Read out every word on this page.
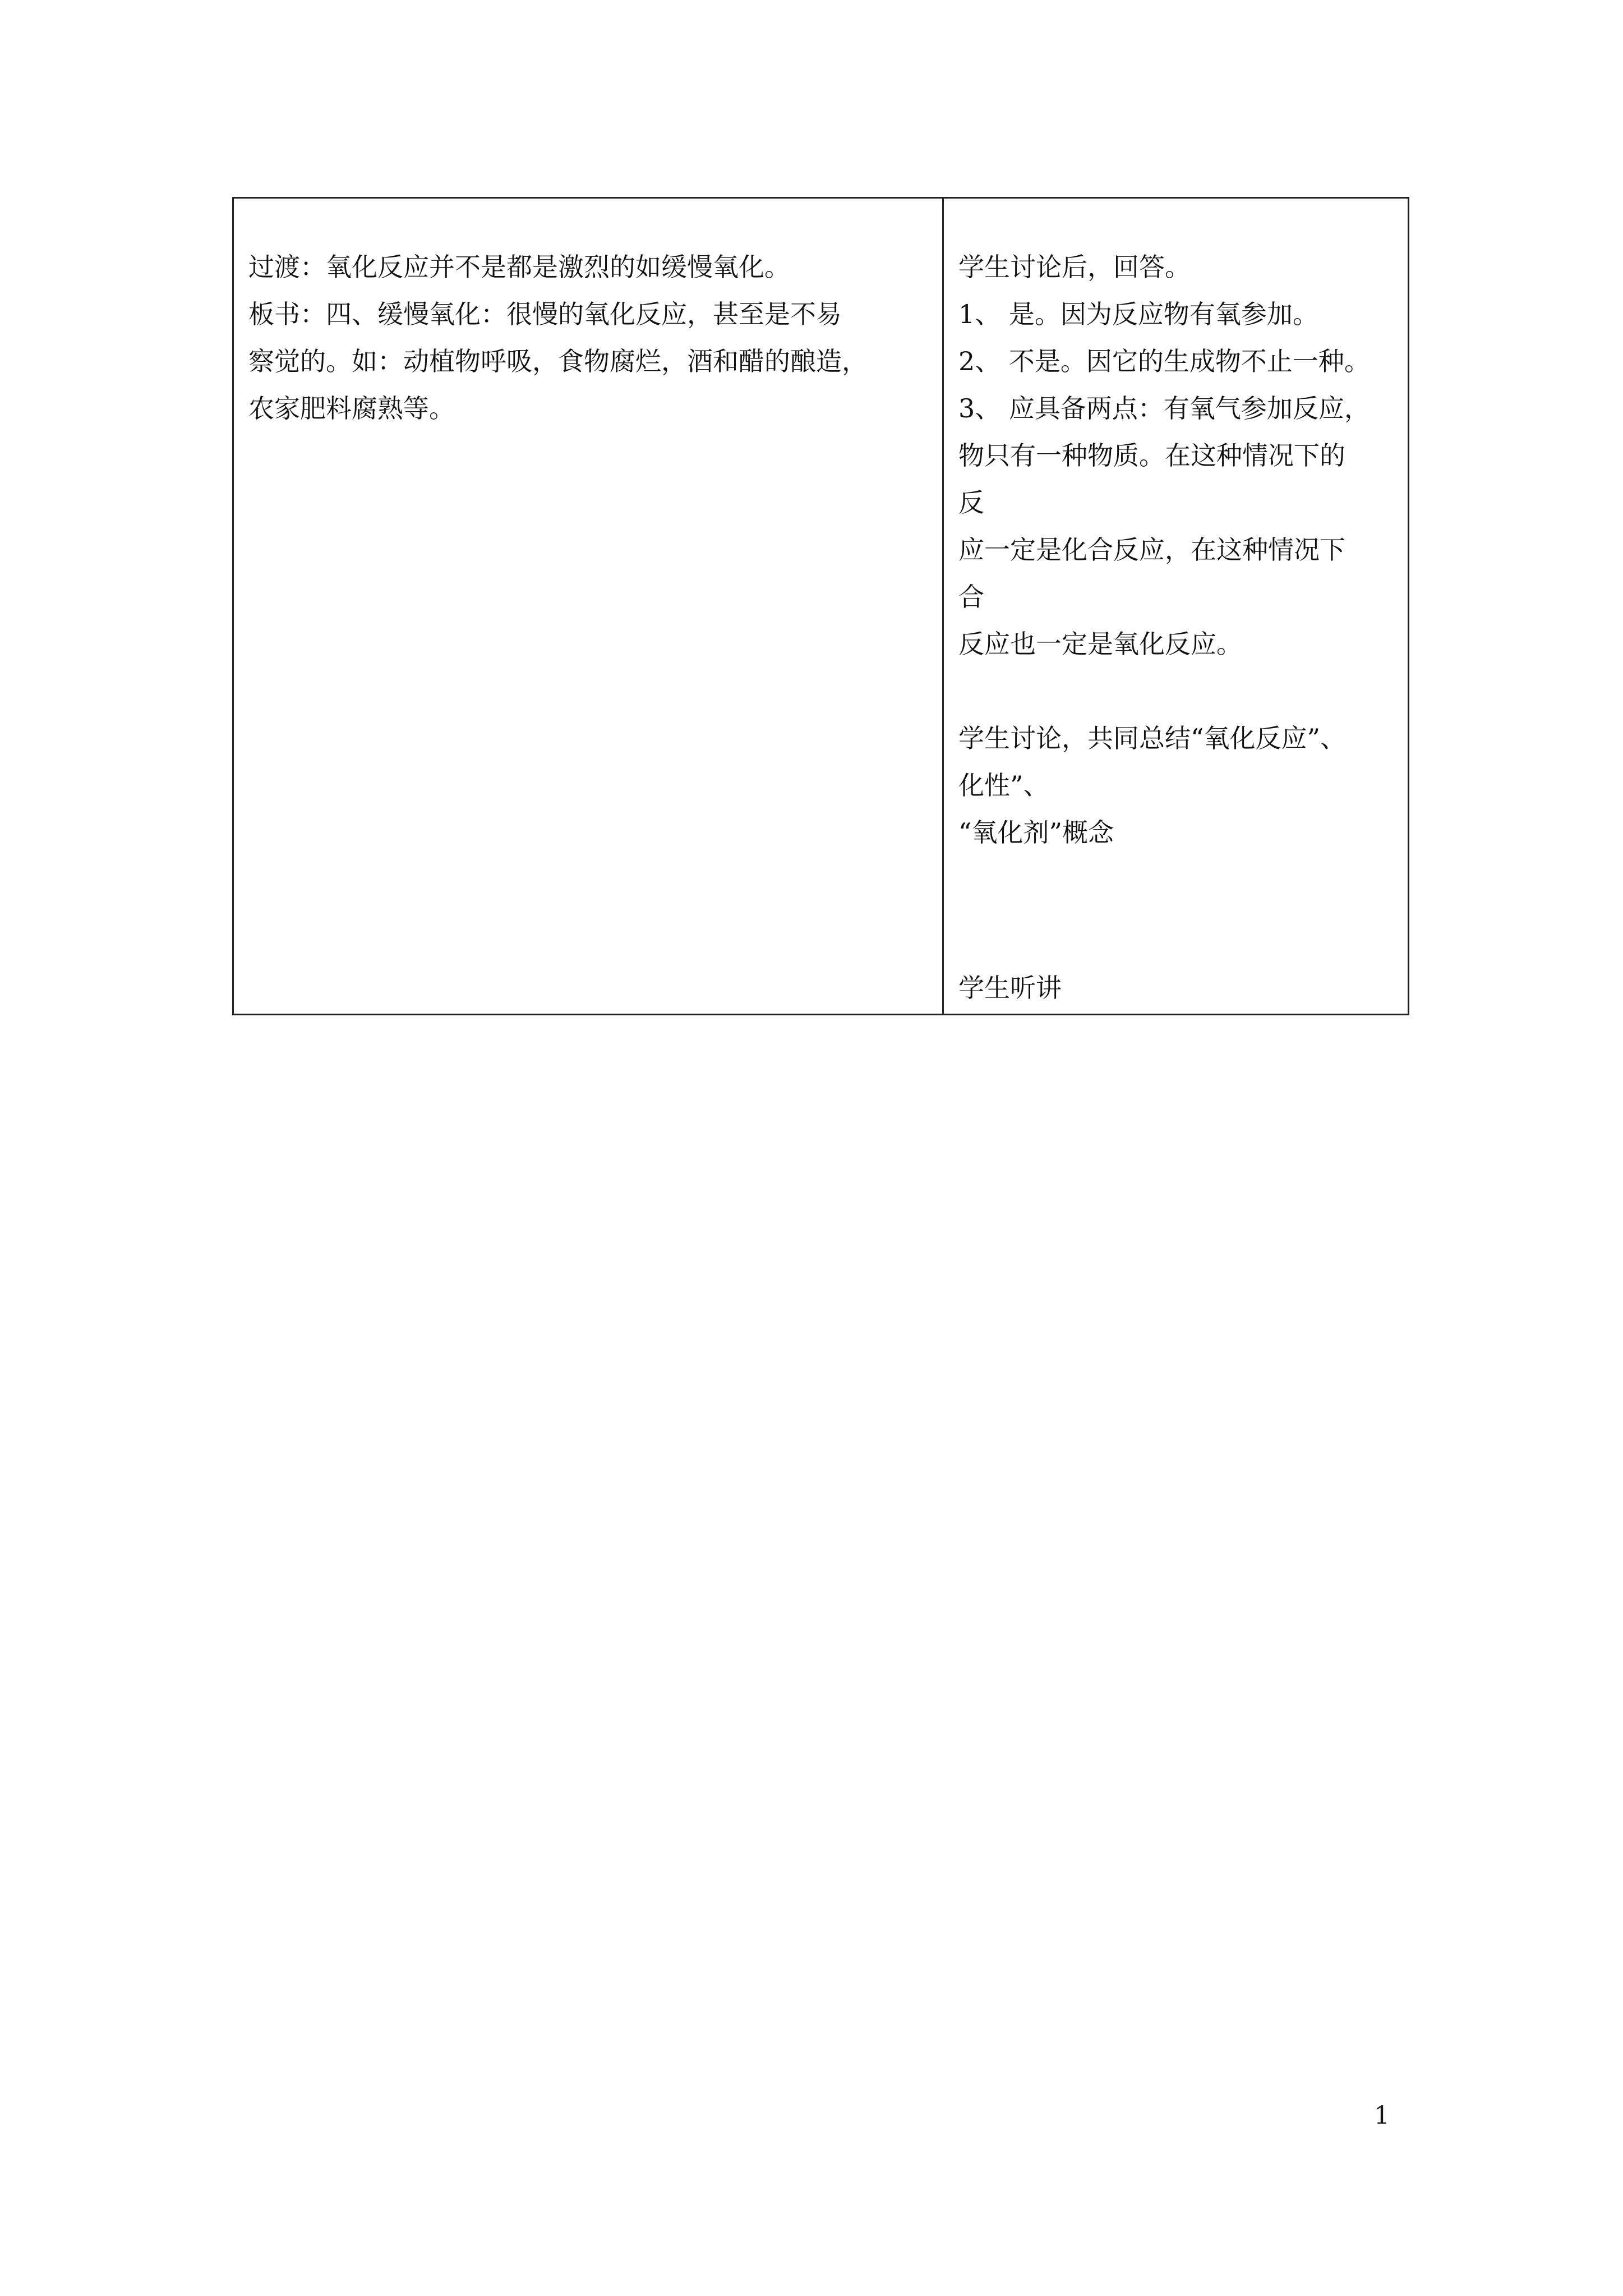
过渡：氧化反应并不是都是激烈的如缓慢氧化。
板书：四、缓慢氧化：很慢的氧化反应，甚至是不易
察觉的。如：动植物呼吸，食物腐烂，酒和醋的酿造，
农家肥料腐熟等。

学生讨论后，回答。
1、 是。因为反应物有氧参加。
2、 不是。因它的生成物不止一种。
3、 应具备两点：有氧气参加反应，
物只有一种物质。在这种情况下的
反
应一定是化合反应，在这种情况下
合
反应也一定是氧化反应。
学生讨论，共同总结“氧化反应”、
化性”、
“氧化剂”概念
学生听讲
1
